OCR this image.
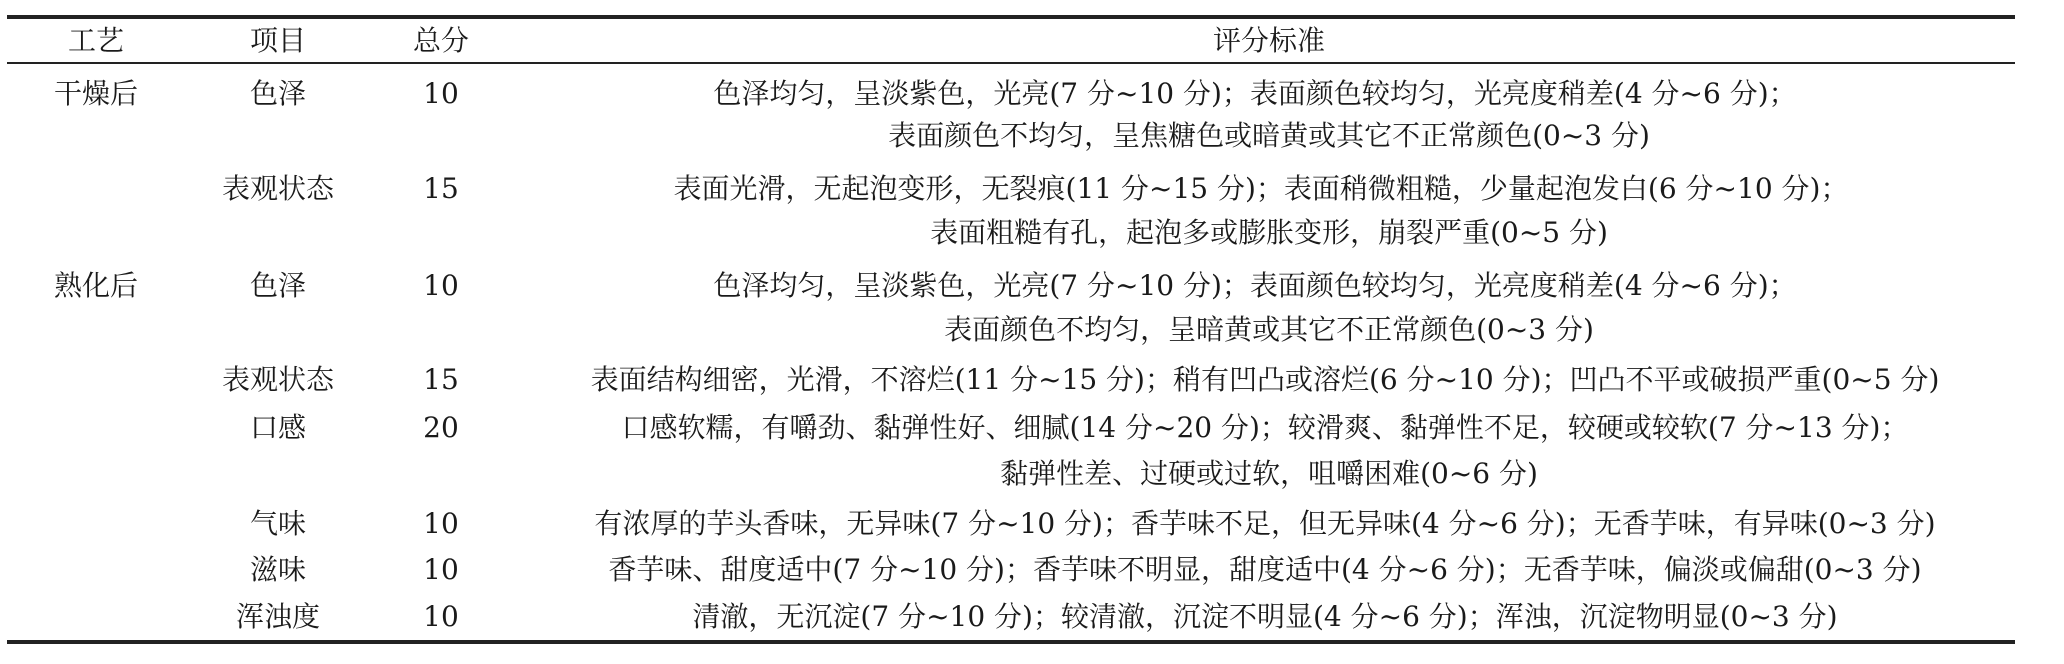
工艺	项目	总分	评分标准
干燥后	色泽	10	色泽均匀，呈淡紫色，光亮(7 分~10 分)；表面颜色较均匀，光亮度稍差(4 分~6 分)；
表面颜色不均匀，呈焦糖色或暗黄或其它不正常颜色(0~3 分)
表观状态	15	表面光滑，无起泡变形，无裂痕(11 分~15 分)；表面稍微粗糙，少量起泡发白(6 分~10 分)；
表面粗糙有孔，起泡多或膨胀变形，崩裂严重(0~5 分)
熟化后	色泽	10	色泽均匀，呈淡紫色，光亮(7 分~10 分)；表面颜色较均匀，光亮度稍差(4 分~6 分)；
表面颜色不均匀，呈暗黄或其它不正常颜色(0~3 分)
表观状态	15	表面结构细密，光滑，不溶烂(11 分~15 分)；稍有凹凸或溶烂(6 分~10 分)；凹凸不平或破损严重(0~5 分)
口感	20	口感软糯，有嚼劲、黏弹性好、细腻(14 分~20 分)；较滑爽、黏弹性不足，较硬或较软(7 分~13 分)；
黏弹性差、过硬或过软，咀嚼困难(0~6 分)
气味	10	有浓厚的芋头香味，无异味(7 分~10 分)；香芋味不足，但无异味(4 分~6 分)；无香芋味，有异味(0~3 分)
滋味	10	香芋味、甜度适中(7 分~10 分)；香芋味不明显，甜度适中(4 分~6 分)；无香芋味，偏淡或偏甜(0~3 分)
浑浊度	10	清澈，无沉淀(7 分~10 分)；较清澈，沉淀不明显(4 分~6 分)；浑浊，沉淀物明显(0~3 分)
